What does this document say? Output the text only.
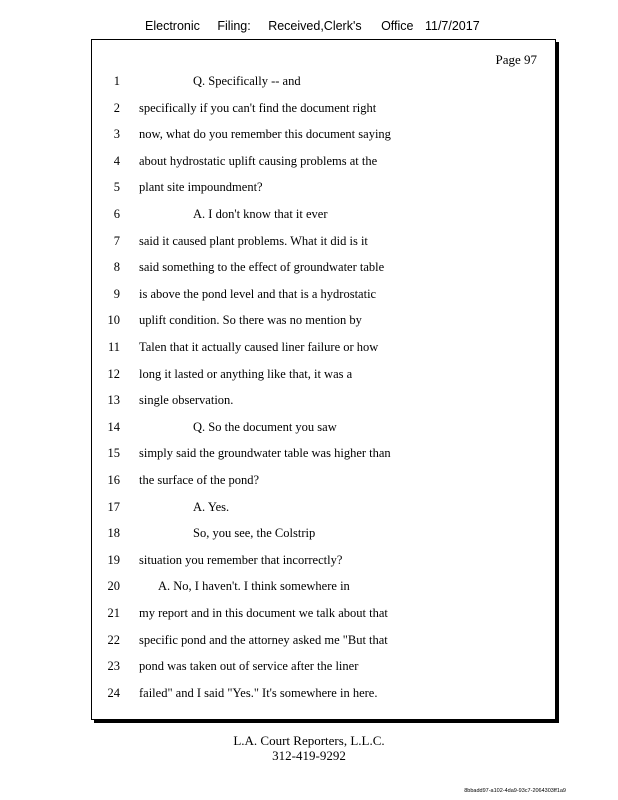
Electronic Filing: Received,Clerk's Office 11/7/2017
Page 97
1	Q. Specifically -- and
2 specifically if you can't find the document right
3 now, what do you remember this document saying
4 about hydrostatic uplift causing problems at the
5 plant site impoundment?
6	A. I don't know that it ever
7 said it caused plant problems. What it did is it
8 said something to the effect of groundwater table
9 is above the pond level and that is a hydrostatic
10 uplift condition. So there was no mention by
11 Talen that it actually caused liner failure or how
12 long it lasted or anything like that, it was a
13 single observation.
14	Q. So the document you saw
15 simply said the groundwater table was higher than
16 the surface of the pond?
17	A. Yes.
18	So, you see, the Colstrip
19 situation you remember that incorrectly?
20	A. No, I haven't. I think somewhere in
21 my report and in this document we talk about that
22 specific pond and the attorney asked me "But that
23 pond was taken out of service after the liner
24 failed" and I said "Yes." It's somewhere in here.
L.A. Court Reporters, L.L.C.
312-419-9292
8bbadd97-a102-4da9-93c7-2064303ff1a9
